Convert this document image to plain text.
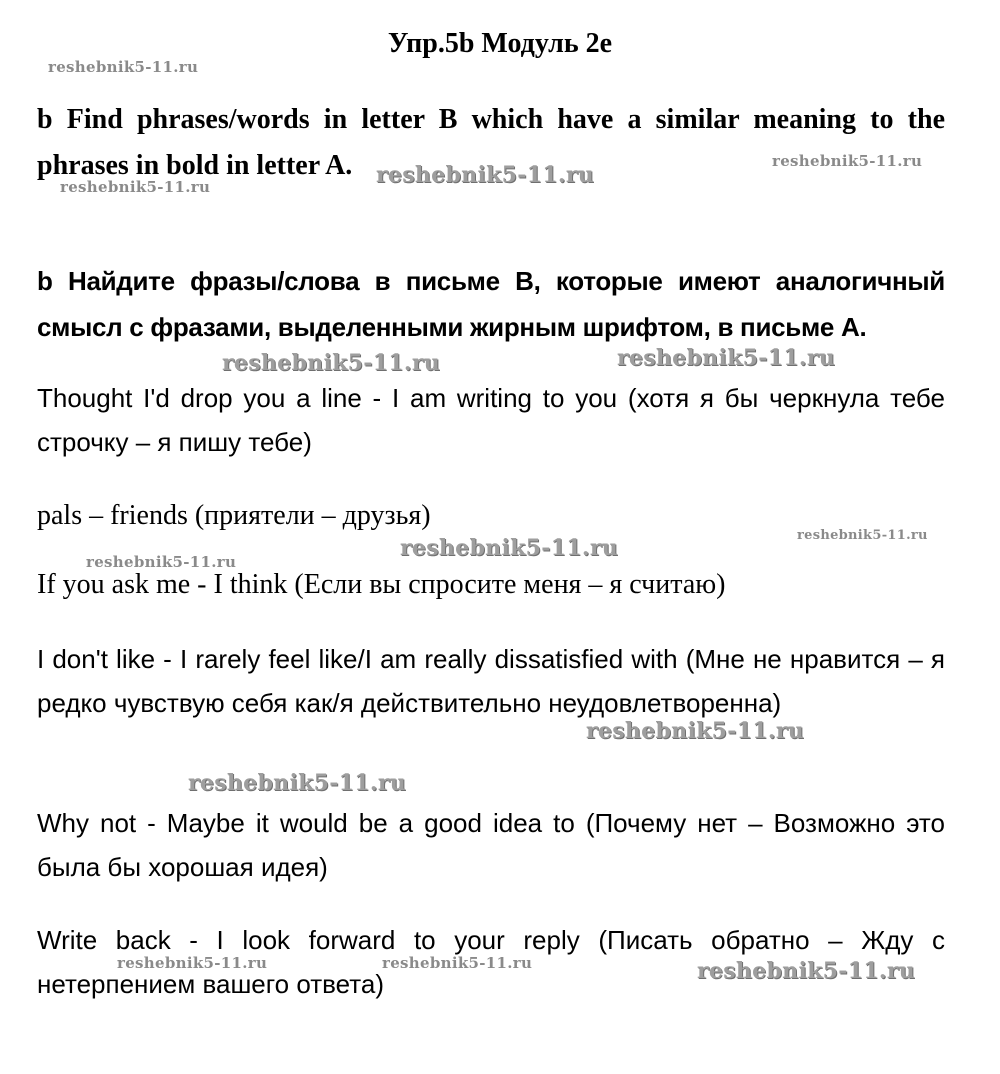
Упр.5b Модуль 2е
b Find phrases/words in letter B which have a similar meaning to the phrases in bold in letter A.
b Найдите фразы/слова в письме В, которые имеют аналогичный смысл с фразами, выделенными жирным шрифтом, в письме А.
Thought I'd drop you a line - I am writing to you (хотя я бы черкнула тебе строчку – я пишу тебе)
pals – friends (приятели – друзья)
If you ask me - I think (Если вы спросите меня – я считаю)
I don't like - I rarely feel like/I am really dissatisfied with (Мне не нравится – я редко чувствую себя как/я действительно неудовлетворенна)
Why not - Maybe it would be a good idea to (Почему нет – Возможно это была бы хорошая идея)
Write back - I look forward to your reply (Писать обратно – Жду с нетерпением вашего ответа)
reshebnik5-11.ru
reshebnik5-11.ru	reshebnik5-11.ru
reshebnik5-11.ru
reshebnik5-11.ru	reshebnik5-11.ru
reshebnik5-11.ru
reshebnik5-11.ru
reshebnik5-11.ru
reshebnik5-11.ru
reshebnik5-11.ru
reshebnik5-11.ru	reshebnik5-11.ru	reshebnik5-11.ru
